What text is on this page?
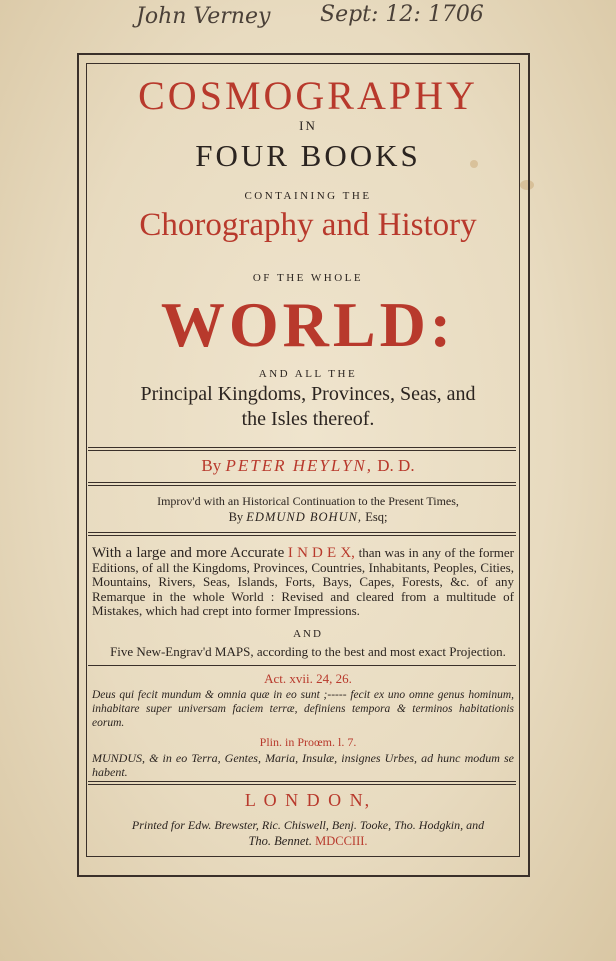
John Verney Sept: 12: 1706
COSMOGRAPHY
IN
FOUR BOOKS
CONTAINING THE
Chorography and History
OF THE WHOLE
WORLD:
AND ALL THE
Principal Kingdoms, Provinces, Seas, and
the Isles thereof.
By PETER HEYLYN, D. D.
Improv'd with an Historical Continuation to the Present Times,
By EDMUND BOHUN, Esq;
With a large and more Accurate I N D E X, than was in any of the former Editions, of all the Kingdoms, Provinces, Countries, Inhabitants, Peoples, Cities, Mountains, Rivers, Seas, Islands, Forts, Bays, Capes, Forests, &c. of any Remarque in the whole World : Revised and cleared from a multitude of Mistakes, which had crept into former Impressions.
AND
Five New-Engrav'd MAPS, according to the best and most exact Projection.
Act. xvii. 24, 26.
Deus qui fecit mundum & omnia quæ in eo sunt ;----- fecit ex uno omne genus hominum, inhabitare super universam faciem terræ, definiens tempora & terminos habitationis eorum.
Plin. in Proœm. l. 7.
MUNDUS, & in eo Terra, Gentes, Maria, Insulæ, insignes Urbes, ad hunc modum se habent.
L O N D O N,
Printed for Edw. Brewster, Ric. Chiswell, Benj. Tooke, Tho. Hodgkin, and
Tho. Bennet. MDCCIII.
